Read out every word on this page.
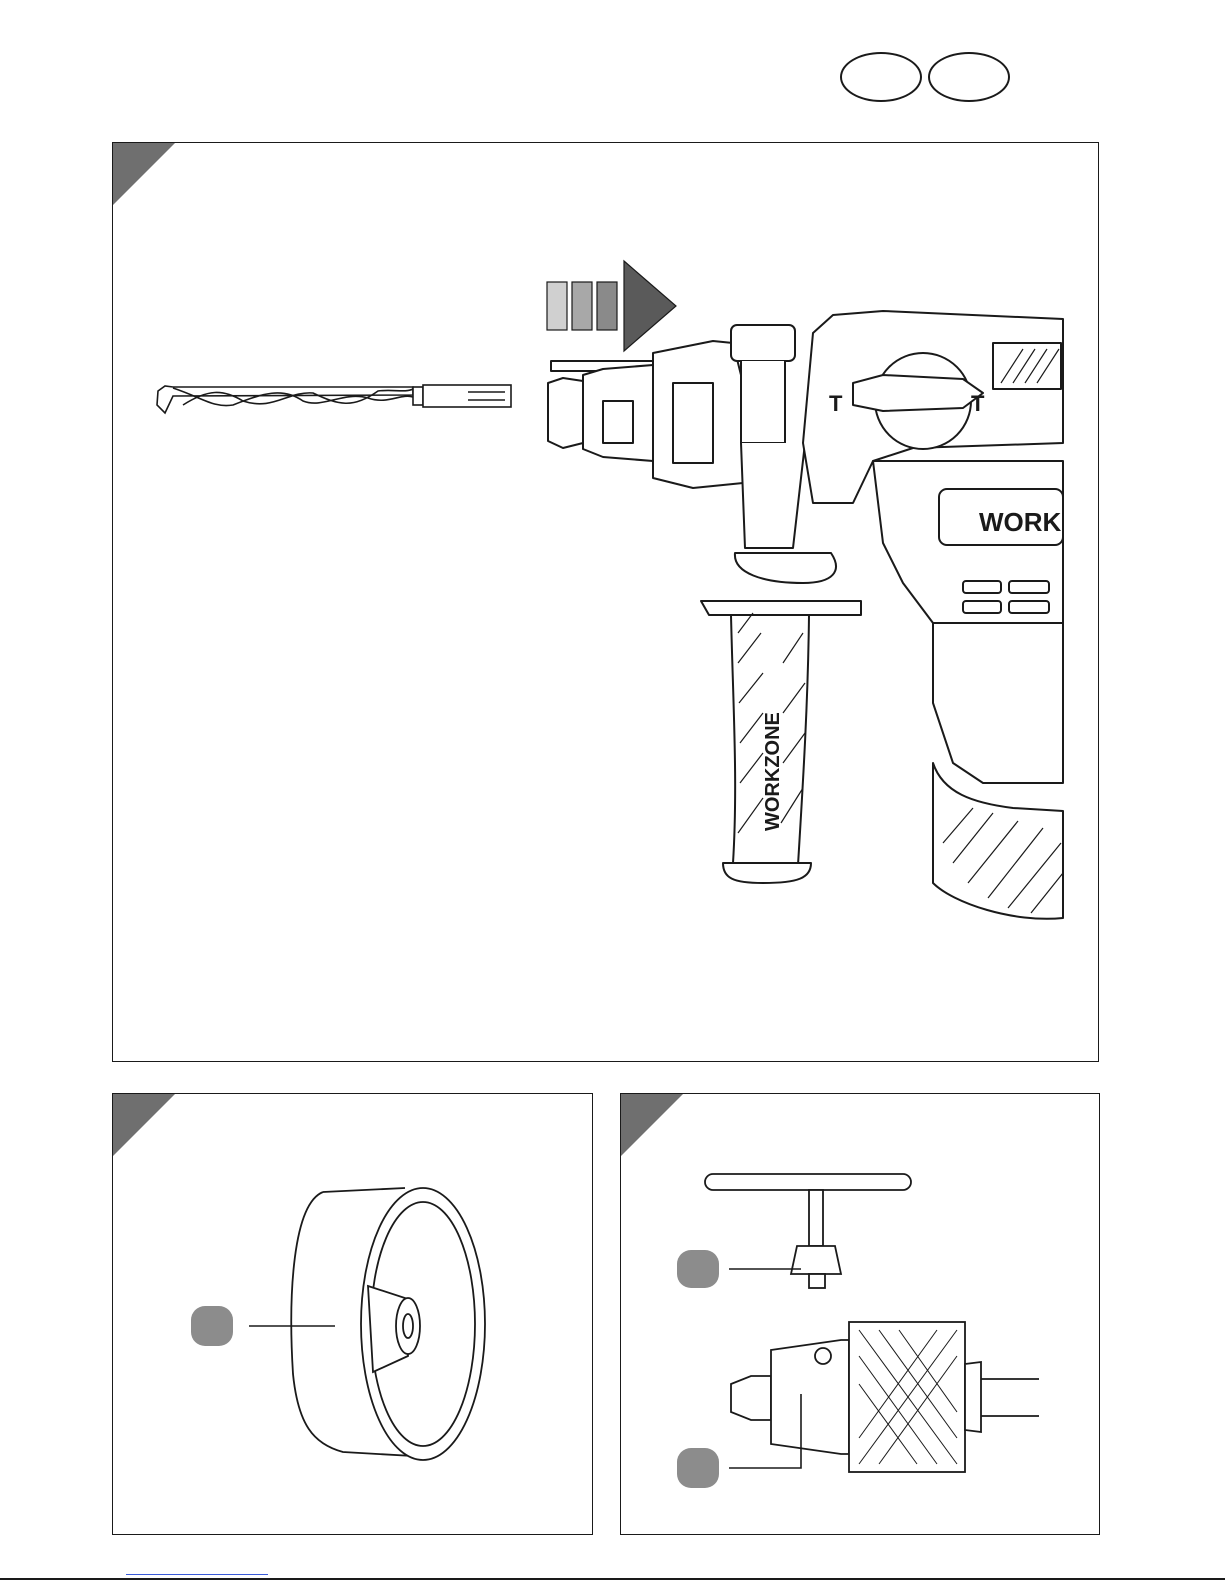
T	T
WORK
WORKZONE
